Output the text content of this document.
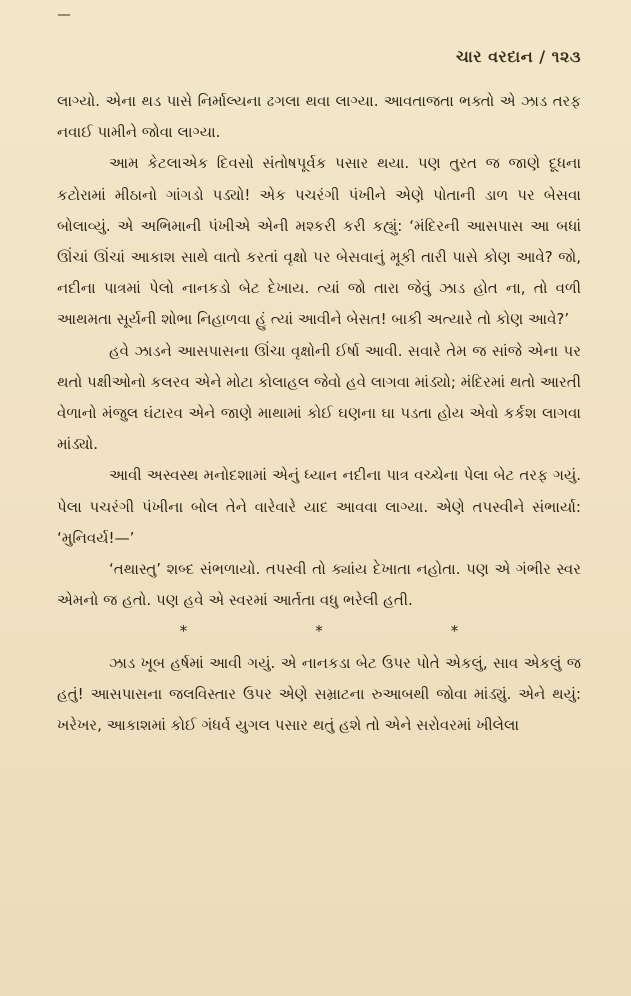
ચાર વરદાન / ૧૨૩

લાગ્યો. એના થડ પાસે નિર્માલ્યના ઢગલા થવા લાગ્યા. આવતાજતા ભક્તો એ ઝાડ તરફ નવાઈ પામીને જોવા લાગ્યા.

આમ કેટલાએક દિવસો સંતોષપૂર્વક પસાર થયા. પણ તુરત જ જાણે દૂધના કટોરામાં મીઠાનો ગાંગડો પડ્યો! એક પચરંગી પંખીને એણે પોતાની ડાળ પર બેસવા બોલાવ્યું. એ અભિમાની પંખીએ એની મશ્કરી કરી કહ્યું: ‘મંદિરની આસપાસ આ બધાં ઊંચાં ઊંચાં આકાશ સાથે વાતો કરતાં વૃક્ષો પર બેસવાનું મૂકી તારી પાસે કોણ આવે? જો, નદીના પાત્રમાં પેલો નાનકડો બેટ દેખાય. ત્યાં જો તારા જેવું ઝાડ હોત ના, તો વળી આથમતા સૂર્યની શોભા નિહાળવા હું ત્યાં આવીને બેસત! બાકી અત્યારે તો કોણ આવે?’

હવે ઝાડને આસપાસના ઊંચા વૃક્ષોની ઈર્ષા આવી. સવારે તેમ જ સાંજે એના પર થતો પક્ષીઓનો કલરવ એને મોટા કોલાહલ જેવો હવે લાગવા માંડ્યો; મંદિરમાં થતો આરતી વેળાનો મંજુલ ઘંટારવ એને જાણે માથામાં કોઈ ઘણના ઘા પડતા હોય એવો કર્કશ લાગવા માંડ્યો.

આવી અસ્વસ્થ મનોદશામાં એનું ધ્યાન નદીના પાત્ર વચ્ચેના પેલા બેટ તરફ ગયું. પેલા પચરંગી પંખીના બોલ તેને વારેવારે યાદ આવવા લાગ્યા. એણે તપસ્વીને સંભાર્યા: ‘મુનિવર્ય!—’

‘તથાસ્તુ’ શબ્દ સંભળાયો. તપસ્વી તો ક્યાંય દેખાતા નહોતા. પણ એ ગંભીર સ્વર એમનો જ હતો. પણ હવે એ સ્વરમાં આર્તતા વધુ ભરેલી હતી.

*	*	*

ઝાડ ખૂબ હર્ષમાં આવી ગયું. એ નાનકડા બેટ ઉપર પોતે એકલું, સાવ એકલું જ હતું! આસપાસના જલવિસ્તાર ઉપર એણે સમ્રાટના રુઆબથી જોવા માંડ્યું. એને થયું: ખરેખર, આકાશમાં કોઈ ગંધર્વ યુગલ પસાર થતું હશે તો એને સરોવરમાં ખીલેલા
